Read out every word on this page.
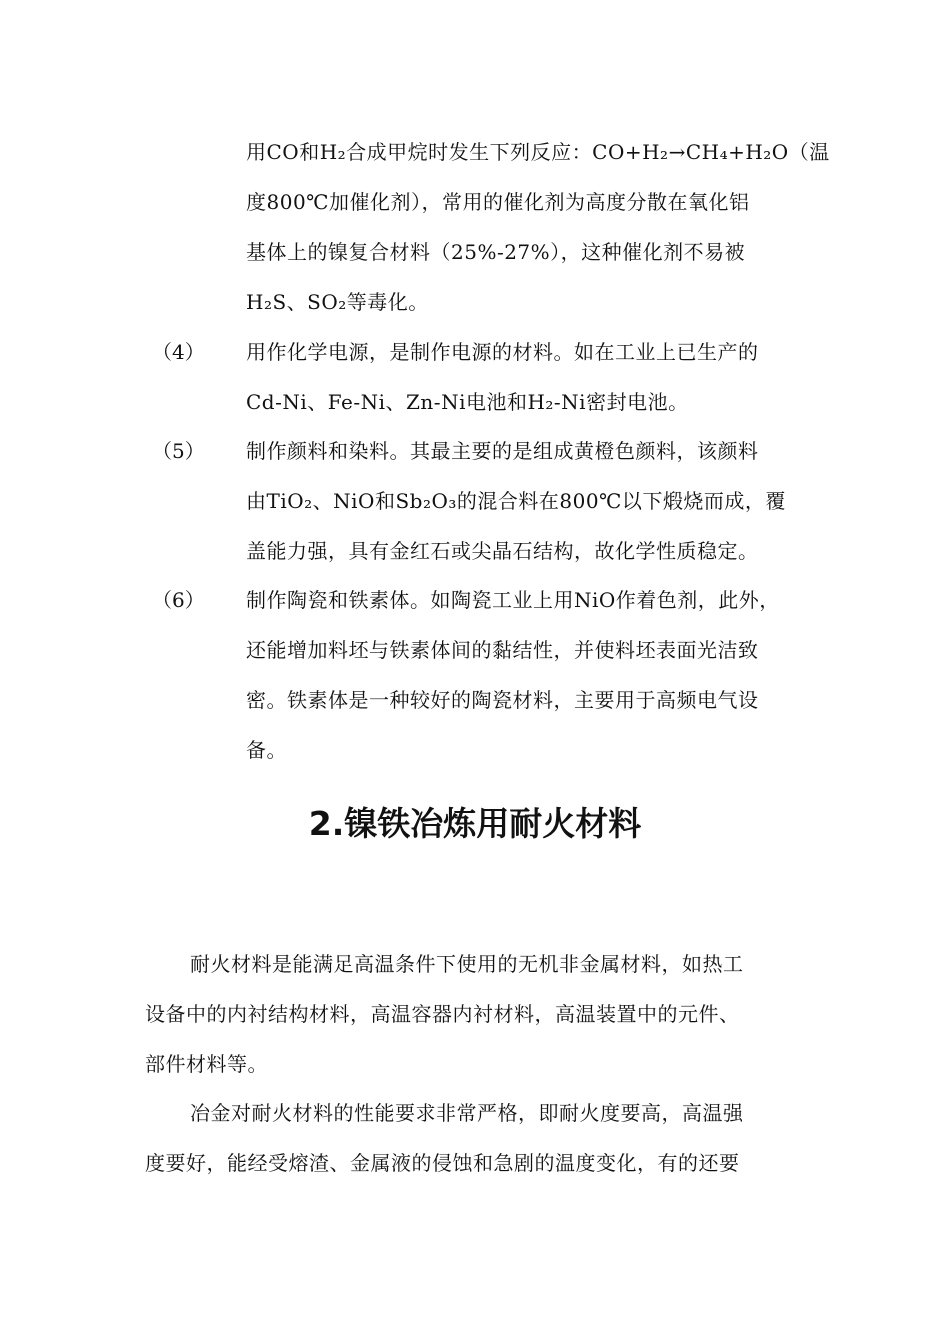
用CO和H₂合成甲烷时发生下列反应：CO+H₂→CH₄+H₂O（温
度800℃加催化剂），常用的催化剂为高度分散在氧化铝
基体上的镍复合材料（25%-27%），这种催化剂不易被
H₂S、SO₂等毒化。
（4） 用作化学电源，是制作电源的材料。如在工业上已生产的
Cd-Ni、Fe-Ni、Zn-Ni电池和H₂-Ni密封电池。
（5） 制作颜料和染料。其最主要的是组成黄橙色颜料，该颜料
由TiO₂、NiO和Sb₂O₃的混合料在800℃以下煅烧而成，覆
盖能力强，具有金红石或尖晶石结构，故化学性质稳定。
（6） 制作陶瓷和铁素体。如陶瓷工业上用NiO作着色剂，此外，
还能增加料坯与铁素体间的黏结性，并使料坯表面光洁致
密。铁素体是一种较好的陶瓷材料，主要用于高频电气设
备。
2.镍铁冶炼用耐火材料
耐火材料是能满足高温条件下使用的无机非金属材料，如热工
设备中的内衬结构材料，高温容器内衬材料，高温装置中的元件、
部件材料等。
冶金对耐火材料的性能要求非常严格，即耐火度要高，高温强
度要好，能经受熔渣、金属液的侵蚀和急剧的温度变化，有的还要
